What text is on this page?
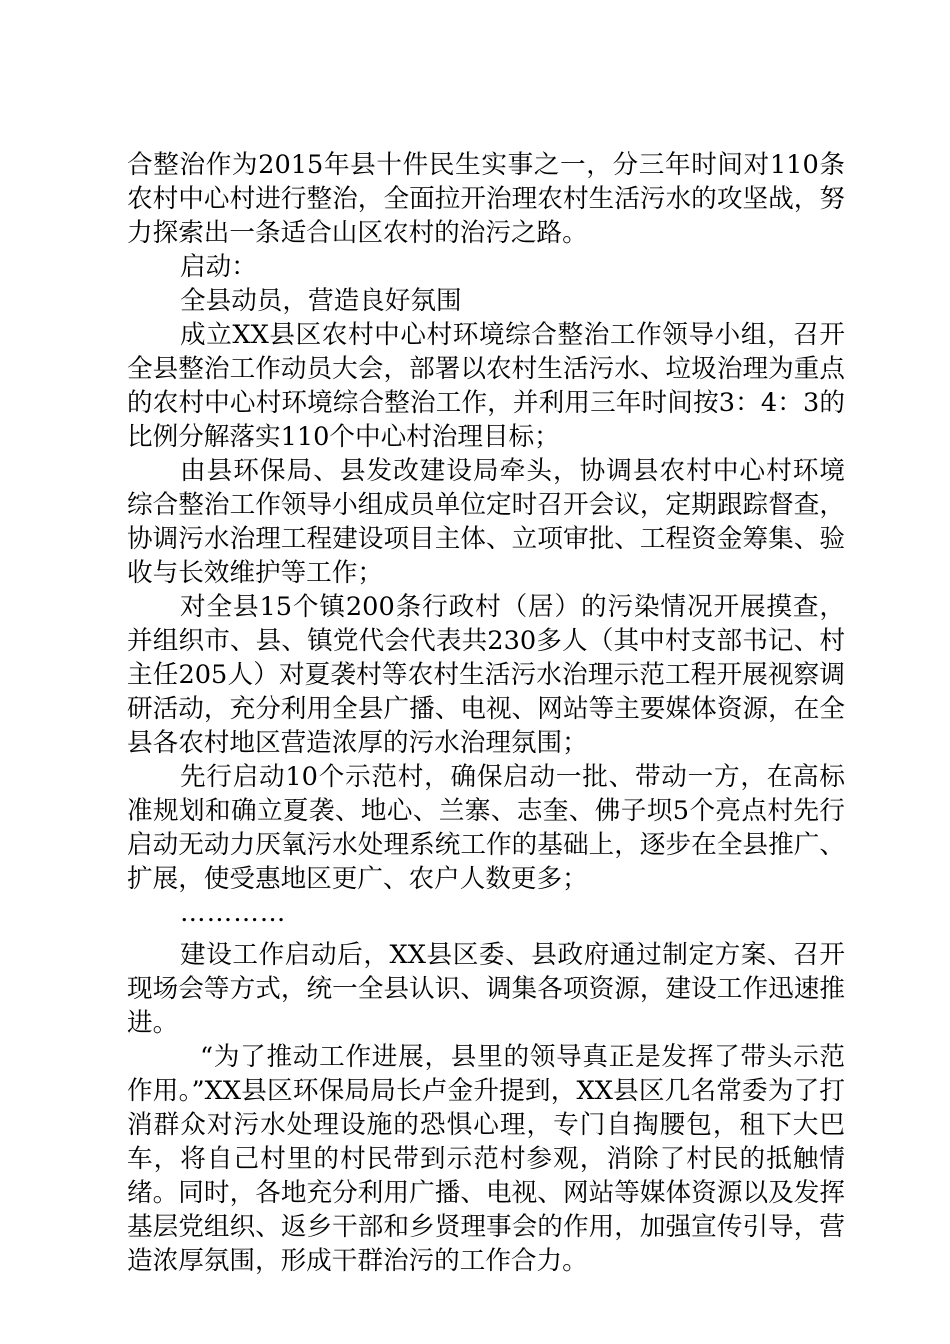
合整治作为2015年县十件民生实事之一，分三年时间对110条农村中心村进行整治，全面拉开治理农村生活污水的攻坚战，努力探索出一条适合山区农村的治污之路。

启动：

全县动员，营造良好氛围

成立XX县区农村中心村环境综合整治工作领导小组，召开全县整治工作动员大会，部署以农村生活污水、垃圾治理为重点的农村中心村环境综合整治工作，并利用三年时间按3：4：3的比例分解落实110个中心村治理目标；

由县环保局、县发改建设局牵头，协调县农村中心村环境综合整治工作领导小组成员单位定时召开会议，定期跟踪督查，协调污水治理工程建设项目主体、立项审批、工程资金筹集、验收与长效维护等工作；

对全县15个镇200条行政村（居）的污染情况开展摸查，并组织市、县、镇党代会代表共230多人（其中村支部书记、村主任205人）对夏袭村等农村生活污水治理示范工程开展视察调研活动，充分利用全县广播、电视、网站等主要媒体资源，在全县各农村地区营造浓厚的污水治理氛围；

先行启动10个示范村，确保启动一批、带动一方，在高标准规划和确立夏袭、地心、兰寨、志奎、佛子坝5个亮点村先行启动无动力厌氧污水处理系统工作的基础上，逐步在全县推广、扩展，使受惠地区更广、农户人数更多；

…………

建设工作启动后，XX县区委、县政府通过制定方案、召开现场会等方式，统一全县认识、调集各项资源，建设工作迅速推进。

“为了推动工作进展，县里的领导真正是发挥了带头示范作用。”XX县区环保局局长卢金升提到，XX县区几名常委为了打消群众对污水处理设施的恐惧心理，专门自掏腰包，租下大巴车，将自己村里的村民带到示范村参观，消除了村民的抵触情绪。同时，各地充分利用广播、电视、网站等媒体资源以及发挥基层党组织、返乡干部和乡贤理事会的作用，加强宣传引导，营造浓厚氛围，形成干群治污的工作合力。
